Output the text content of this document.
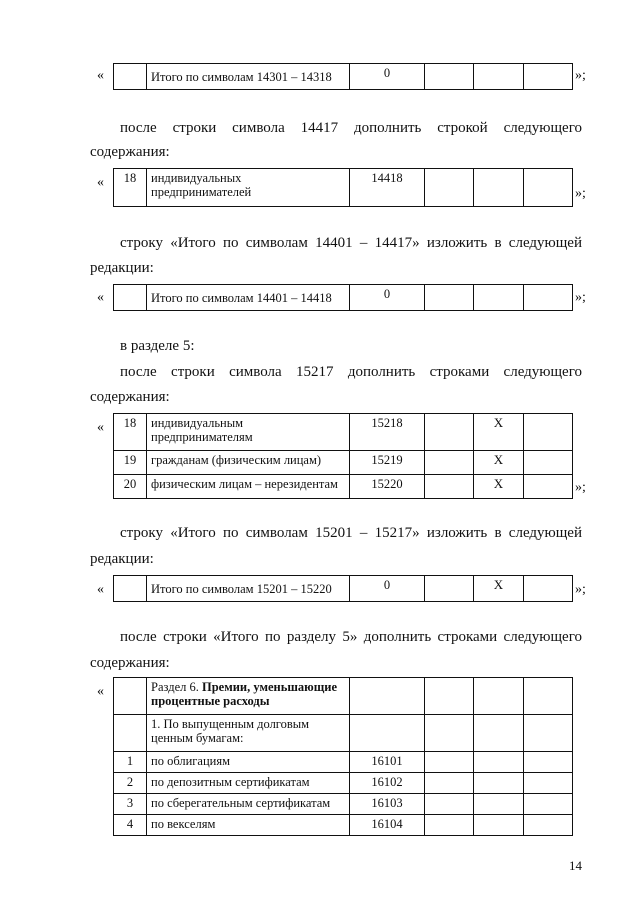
«
		Итого по символам 14301 – 14318	0				»;
после строки символа 14417 дополнить строкой следующего
содержания:
« 18	индивидуальных
предпринимателей	14418			
»;
строку «Итого по символам 14401 – 14417» изложить в следующей
редакции:
«
		Итого по символам 14401 – 14418	0				»;
в разделе 5:
после строки символа 15217 дополнить строками следующего
содержания:
« 18	индивидуальным
предпринимателям	15218		X	
19	гражданам (физическим лицам)	15219		X	
20	физическим лицам – нерезидентам	15220		X		»;
строку «Итого по символам 15201 – 15217» изложить в следующей
редакции:
«
		Итого по символам 15201 – 15220	0		X		»;
после строки «Итого по разделу 5» дополнить строками следующего
содержания:
«
		Раздел 6. Премии, уменьшающие
процентные расходы				
	1. По выпущенным долговым
ценным бумагам:				
1	по облигациям	16101			
2	по депозитным сертификатам	16102			
3	по сберегательным сертификатам	16103			
4	по векселям	16104			
14
